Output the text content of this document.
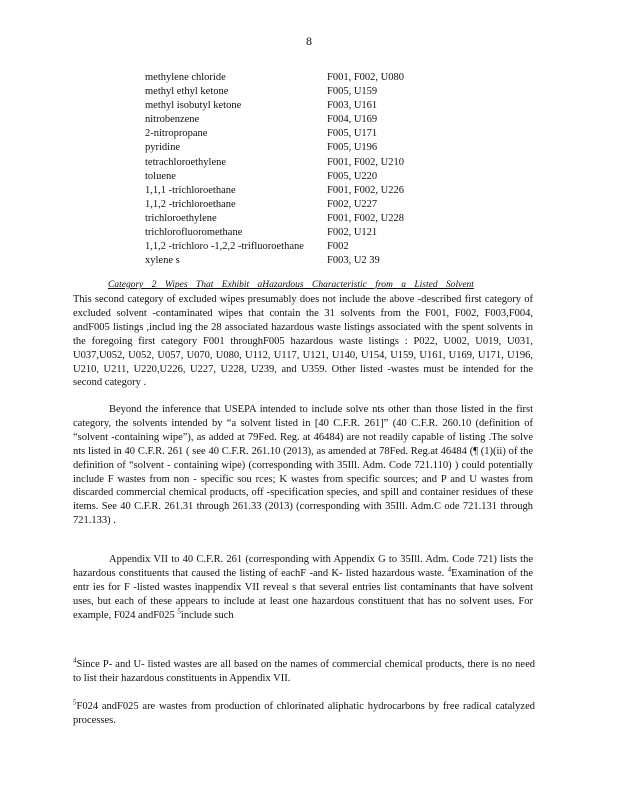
8
methylene chloride	F001, F002, U080
methyl ethyl ketone	F005, U159
methyl isobutyl ketone	F003, U161
nitrobenzene	F004, U169
2-nitropropane	F005, U171
pyridine	F005, U196
tetrachloroethylene	F001, F002, U210
toluene	F005, U220
1,1,1 -trichloroethane	F001, F002, U226
1,1,2 -trichloroethane	F002, U227
trichloroethylene	F001, F002, U228
trichlorofluoromethane	F002, U121
1,1,2 -trichloro -1,2,2 -trifluoroethane	F002
xylene s	F003, U2 39
Category 2 Wipes That Exhibit aHazardous Characteristic from a Listed Solvent

This second category of excluded wipes presumably does not include the above -described first category of excluded solvent -contaminated wipes that contain the 31 solvents from the F001, F002, F003,F004, andF005 listings ,includ ing the 28 associated hazardous waste listings associated with the spent solvents in the foregoing first category F001 throughF005 hazardous waste listings : P022, U002, U019, U031, U037,U052, U052, U057, U070, U080, U112, U117, U121, U140, U154, U159, U161, U169, U171, U196, U210, U211, U220,U226, U227, U228, U239, and U359. Other listed -wastes must be intended for the second category .

Beyond the inference that USEPA intended to include solve nts other than those listed in the first category, the solvents intended by “a solvent listed in [40 C.F.R. 261]” (40 C.F.R. 260.10 (definition of “solvent -containing wipe”), as added at 79Fed. Reg. at 46484) are not readily capable of listing .The solve nts listed in 40 C.F.R. 261 ( see 40 C.F.R. 261.10 (2013), as amended at 78Fed. Reg.at 46484 (¶ (1)(ii) of the definition of “solvent - containing wipe) (corresponding with 35Ill. Adm. Code 721.110) ) could potentially include F wastes from non - specific sou rces; K wastes from specific sources; and P and U wastes from discarded commercial chemical products, off -specification species, and spill and container residues of these items. See 40 C.F.R. 261.31 through 261.33 (2013) (corresponding with 35Ill. Adm.C ode 721.131 through 721.133) .

Appendix VII to 40 C.F.R. 261 (corresponding with Appendix G to 35Ill. Adm. Code 721) lists the hazardous constituents that caused the listing of eachF -and K- listed hazardous waste. $^4$Examination of the entr ies for F -listed wastes inappendix VII reveal s that several entries list contaminants that have solvent uses, but each of these appears to include at least one hazardous constituent that has no solvent uses. For example, F024 andF025 $^5$include such

$^4$Since P- and U- listed wastes are all based on the names of commercial chemical products, there is no need to list their hazardous constituents in Appendix VII.

$^5$F024 andF025 are wastes from production of chlorinated aliphatic hydrocarbons by free radical catalyzed processes.
